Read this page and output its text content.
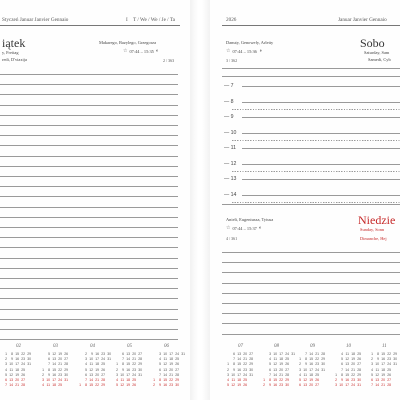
Styczeń Januar Janvier Gennaio	I T / We / We / Je / Ta
iątek
y, Freitag
redi, D'viaxija
Makarego, Bazylego, Grzegorza
☆ 07:44 – 15:35 ◐
2 / 363
02
1	8 15 22 29
2	9 16 23 30
3 10 17 24 31
4 11 18 25
5 12 19 26
6 13 20 27
7 14 21 28
03
5 12 19 26
6 13 20 27
7 14 21 28
1	8 15 22 29
2	9 16 23 30
3 10 17 24 31
4 11 18 25
04
2	9 16 23 30
3 10 17 24 31
4 11 18 25
5 12 19 26
6 13 20 27
7 14 21 28
1	8 15 22 29
05
6 13 20 27
7 14 21 28
1	8 15 22 29
2	9 16 23 30
3 10 17 24 31
4 11 18 25
5 12 19 26
06
3 10 17 24 31
4 11 18 25
5 12 19 26
6 13 20 27
7 14 21 28
1	8 15 22 29
2	9 16 23 30
2026	Januar Janvier Gennaio
Danuty, Genowefy, Arletty
☆ 07:44 – 15:36 ◑
3 / 362
Sobo
Saturday, Sam
Samedi, Cyb
— 7
— 8
— 9
— 10
— 11
— 12
— 13
— 14
Anieli, Eugeniusza, Tytusa
☆ 07:44 – 15:37 ◐
4 / 361
Niedzie
Sunday, Sonn
Dimanche, Hej
07
6 13 20 27
7 14 21 28
1	8 15 22 29
2	9 16 23 30
3 10 17 24 31
4 11 18 25
5 12 19 26
08
3 10 17 24 31
4 11 18 25
5 12 19 26
6 13 20 27
7 14 21 28
1	8 15 22 29
2	9 16 23 30
09
7 14 21 28
1	8 15 22 29
2	9 16 23 30
3 10 17 24 31
4 11 18 25
5 12 19 26
6 13 20 27
10
4 11 18 25
5 12 19 26
6 13 20 27
7 14 21 28
1	8 15 22 29
2	9 16 23 30
3 10 17 24 31
11
1	8 15 22 29
2	9 16 23 30
3 10 17 24 31
4 11 18 25
5 12 19 26
6 13 20 27
7 14 21 28
